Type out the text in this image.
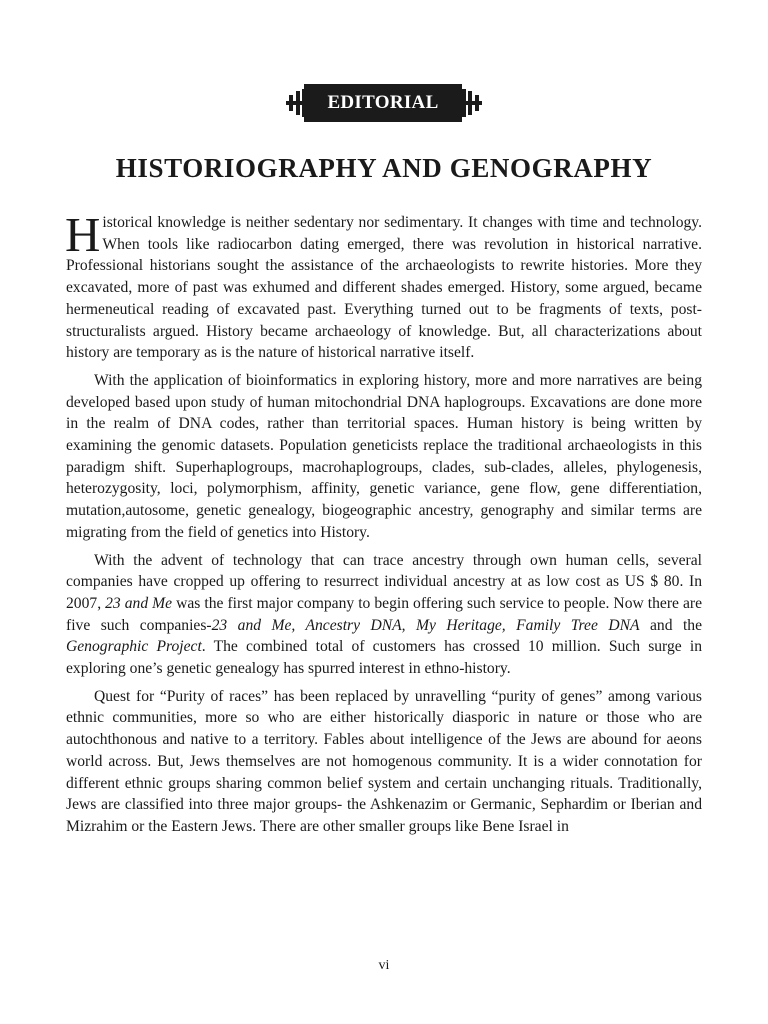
EDITORIAL
HISTORIOGRAPHY AND GENOGRAPHY

Historical knowledge is neither sedentary nor sedimentary. It changes with time and technology. When tools like radiocarbon dating emerged, there was revolution in historical narrative. Professional historians sought the assistance of the archaeologists to rewrite histories. More they excavated, more of past was exhumed and different shades emerged. History, some argued, became hermeneutical reading of excavated past. Everything turned out to be fragments of texts, post-structuralists argued. History became archaeology of knowledge. But, all characterizations about history are temporary as is the nature of historical narrative itself.

With the application of bioinformatics in exploring history, more and more narratives are being developed based upon study of human mitochondrial DNA haplogroups. Excavations are done more in the realm of DNA codes, rather than territorial spaces. Human history is being written by examining the genomic datasets. Population geneticists replace the traditional archaeologists in this paradigm shift. Superhaplogroups, macrohaplogroups, clades, sub-clades, alleles, phylogenesis, heterozygosity, loci, polymorphism, affinity, genetic variance, gene flow, gene differentiation, mutation,autosome, genetic genealogy, biogeographic ancestry, genography and similar terms are migrating from the field of genetics into History.

With the advent of technology that can trace ancestry through own human cells, several companies have cropped up offering to resurrect individual ancestry at as low cost as US $ 80. In 2007, 23 and Me was the first major company to begin offering such service to people. Now there are five such companies-23 and Me, Ancestry DNA, My Heritage, Family Tree DNA and the Genographic Project. The combined total of customers has crossed 10 million. Such surge in exploring one’s genetic genealogy has spurred interest in ethno-history.

Quest for “Purity of races” has been replaced by unravelling “purity of genes” among various ethnic communities, more so who are either historically diasporic in nature or those who are autochthonous and native to a territory. Fables about intelligence of the Jews are abound for aeons world across. But, Jews themselves are not homogenous community. It is a wider connotation for different ethnic groups sharing common belief system and certain unchanging rituals. Traditionally, Jews are classified into three major groups- the Ashkenazim or Germanic, Sephardim or Iberian and Mizrahim or the Eastern Jews. There are other smaller groups like Bene Israel in

vi
